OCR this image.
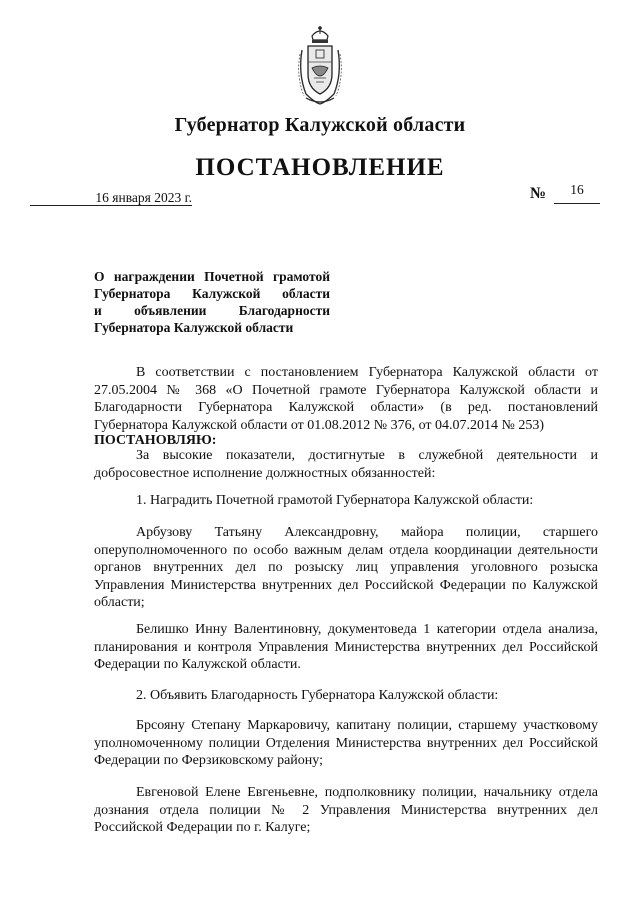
Губернатор Калужской области
ПОСТАНОВЛЕНИЕ
16 января 2023 г.	№	16
О награждении Почетной грамотой
Губернатора Калужской области
и объявлении Благодарности
Губернатора Калужской области

В соответствии с постановлением Губернатора Калужской области от 27.05.2004 № 368 «О Почетной грамоте Губернатора Калужской области и Благодарности Губернатора Калужской области» (в ред. постановлений Губернатора Калужской области от 01.08.2012 № 376, от 04.07.2014 № 253)

ПОСТАНОВЛЯЮ:

За высокие показатели, достигнутые в служебной деятельности и добросовестное исполнение должностных обязанностей:

1. Наградить Почетной грамотой Губернатора Калужской области:

Арбузову Татьяну Александровну, майора полиции, старшего оперуполномоченного по особо важным делам отдела координации деятельности органов внутренних дел по розыску лиц управления уголовного розыска Управления Министерства внутренних дел Российской Федерации по Калужской области;

Белишко Инну Валентиновну, документоведа 1 категории отдела анализа, планирования и контроля Управления Министерства внутренних дел Российской Федерации по Калужской области.

2. Объявить Благодарность Губернатора Калужской области:

Брсояну Степану Маркаровичу, капитану полиции, старшему участковому уполномоченному полиции Отделения Министерства внутренних дел Российской Федерации по Ферзиковскому району;

Евгеновой Елене Евгеньевне, подполковнику полиции, начальнику отдела дознания отдела полиции № 2 Управления Министерства внутренних дел Российской Федерации по г. Калуге;
